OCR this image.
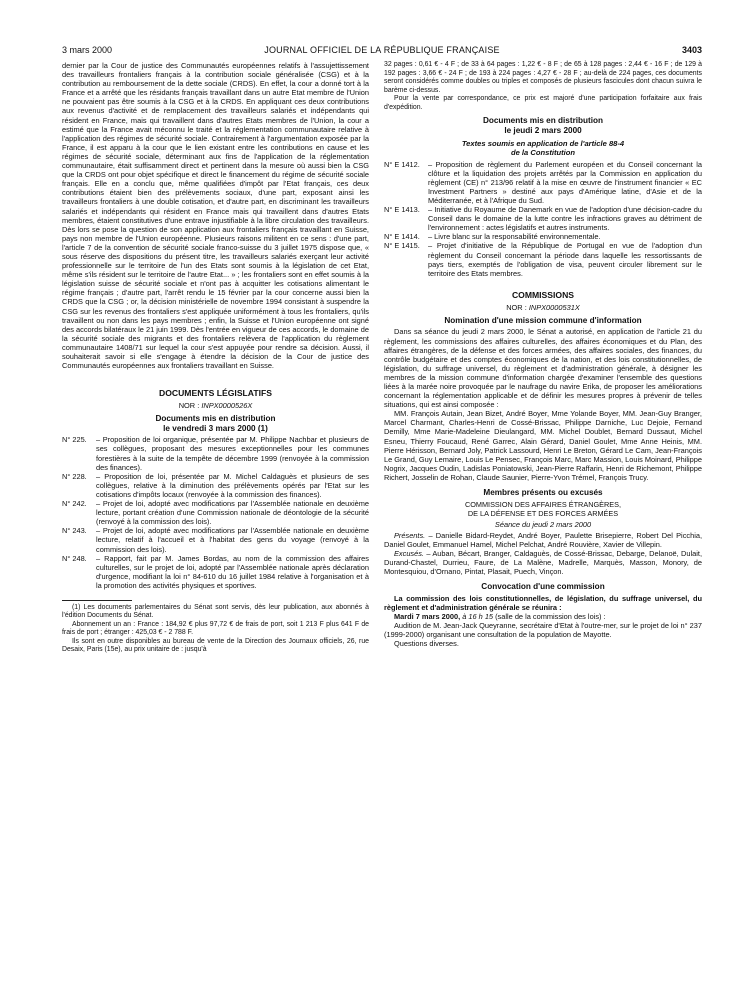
3 mars 2000	JOURNAL OFFICIEL DE LA RÉPUBLIQUE FRANÇAISE	3403

dernier par la Cour de justice des Communautés européennes relatifs à l'assujettissement des travailleurs frontaliers français à la contribution sociale généralisée (CSG) et à la contribution au remboursement de la dette sociale (CRDS). En effet, la cour a donné tort à la France et a arrêté que les résidants français travaillant dans un autre Etat membre de l'Union ne pouvaient pas être soumis à la CSG et à la CRDS. En appliquant ces deux contributions aux revenus d'activité et de remplacement des travailleurs salariés et indépendants qui résident en France, mais qui travaillent dans d'autres Etats membres de l'Union, la cour a estimé que la France avait méconnu le traité et la réglementation communautaire relative à l'application des régimes de sécurité sociale. Contrairement à l'argumentation exposée par la France, il est apparu à la cour que le lien existant entre les contributions en cause et les régimes de sécurité sociale, déterminant aux fins de l'application de la réglementation communautaire, était suffisamment direct et pertinent dans la mesure où aussi bien la CSG que la CRDS ont pour objet spécifique et direct le financement du régime de sécurité sociale français. Elle en a conclu que, même qualifiées d'impôt par l'Etat français, ces deux contributions étaient bien des prélèvements sociaux, d'une part, exposant ainsi les travailleurs frontaliers à une double cotisation, et d'autre part, en discriminant les travailleurs salariés et indépendants qui résident en France mais qui travaillent dans d'autres Etats membres, étaient constitutives d'une entrave injustifiable à la libre circulation des travailleurs. Dès lors se pose la question de son application aux frontaliers français travaillant en Suisse, pays non membre de l'Union européenne. Plusieurs raisons militent en ce sens : d'une part, l'article 7 de la convention de sécurité sociale franco-suisse du 3 juillet 1975 dispose que, « sous réserve des dispositions du présent titre, les travailleurs salariés exerçant leur activité professionnelle sur le territoire de l'un des Etats sont soumis à la législation de cet Etat, même s'ils résident sur le territoire de l'autre Etat... » ; les frontaliers sont en effet soumis à la législation suisse de sécurité sociale et n'ont pas à acquitter les cotisations alimentant le régime français ; d'autre part, l'arrêt rendu le 15 février par la cour concerne aussi bien la CRDS que la CSG ; or, la décision ministérielle de novembre 1994 consistant à suspendre la CSG sur les revenus des frontaliers s'est appliquée uniformément à tous les frontaliers, qu'ils travaillent ou non dans les pays membres ; enfin, la Suisse et l'Union européenne ont signé des accords bilatéraux le 21 juin 1999. Dès l'entrée en vigueur de ces accords, le domaine de la sécurité sociale des migrants et des frontaliers relèvera de l'application du règlement communautaire 1408/71 sur lequel la cour s'est appuyée pour rendre sa décision. Aussi, il souhaiterait savoir si elle s'engage à étendre la décision de la Cour de justice des Communautés européennes aux frontaliers travaillant en Suisse.

DOCUMENTS LÉGISLATIFS

NOR : INPX0000526X

Documents mis en distribution

le vendredi 3 mars 2000 (1)

N° 225.	– Proposition de loi organique, présentée par M. Philippe Nachbar et plusieurs de ses collègues, proposant des mesures exceptionnelles pour les communes forestières à la suite de la tempête de décembre 1999 (renvoyée à la commission des finances).
N° 228.	– Proposition de loi, présentée par M. Michel Caldaguès et plusieurs de ses collègues, relative à la diminution des prélèvements opérés par l'Etat sur les cotisations d'impôts locaux (renvoyée à la commission des finances).
N° 242.	– Projet de loi, adopté avec modifications par l'Assemblée nationale en deuxième lecture, portant création d'une Commission nationale de déontologie de la sécurité (renvoyé à la commission des lois).
N° 243.	– Projet de loi, adopté avec modifications par l'Assemblée nationale en deuxième lecture, relatif à l'accueil et à l'habitat des gens du voyage (renvoyé à la commission des lois).
N° 248.	– Rapport, fait par M. James Bordas, au nom de la commission des affaires culturelles, sur le projet de loi, adopté par l'Assemblée nationale après déclaration d'urgence, modifiant la loi n° 84-610 du 16 juillet 1984 relative à l'organisation et à la promotion des activités physiques et sportives.

(1) Les documents parlementaires du Sénat sont servis, dès leur publication, aux abonnés à l'édition Documents du Sénat.

Abonnement un an : France : 184,92 € plus 97,72 € de frais de port, soit 1 213 F plus 641 F de frais de port ; étranger : 425,03 € - 2 788 F.

Ils sont en outre disponibles au bureau de vente de la Direction des Journaux officiels, 26, rue Desaix, Paris (15e), au prix unitaire de : jusqu'à

32 pages : 0,61 € - 4 F ; de 33 à 64 pages : 1,22 € - 8 F ; de 65 à 128 pages : 2,44 € - 16 F ; de 129 à 192 pages : 3,66 € - 24 F ; de 193 à 224 pages : 4,27 € - 28 F ; au-delà de 224 pages, ces documents seront considérés comme doubles ou triples et composés de plusieurs fascicules dont chacun suivra le barème ci-dessus.

Pour la vente par correspondance, ce prix est majoré d'une participation forfaitaire aux frais d'expédition.

Documents mis en distribution

le jeudi 2 mars 2000

Textes soumis en application de l'article 88-4

de la Constitution

N° E 1412.	– Proposition de règlement du Parlement européen et du Conseil concernant la clôture et la liquidation des projets arrêtés par la Commission en application du règlement (CE) n° 213/96 relatif à la mise en œuvre de l'instrument financier « EC Investment Partners » destiné aux pays d'Amérique latine, d'Asie et de la Méditerranée, et à l'Afrique du Sud.
N° E 1413.	– Initiative du Royaume de Danemark en vue de l'adoption d'une décision-cadre du Conseil dans le domaine de la lutte contre les infractions graves au détriment de l'environnement : actes législatifs et autres instruments.
N° E 1414.	– Livre blanc sur la responsabilité environnementale.
N° E 1415.	– Projet d'initiative de la République de Portugal en vue de l'adoption d'un règlement du Conseil concernant la période dans laquelle les ressortissants de pays tiers, exemptés de l'obligation de visa, peuvent circuler librement sur le territoire des Etats membres.

COMMISSIONS

NOR : INPX0000531X

Nomination d'une mission commune d'information

Dans sa séance du jeudi 2 mars 2000, le Sénat a autorisé, en application de l'article 21 du règlement, les commissions des affaires culturelles, des affaires économiques et du Plan, des affaires étrangères, de la défense et des forces armées, des affaires sociales, des finances, du contrôle budgétaire et des comptes économiques de la nation, et des lois constitutionnelles, de législation, du suffrage universel, du règlement et d'administration générale, à désigner les membres de la mission commune d'information chargée d'examiner l'ensemble des questions liées à la marée noire provoquée par le naufrage du navire Erika, de proposer les améliorations concernant la réglementation applicable et de définir les mesures propres à prévenir de telles situations, qui est ainsi composée :

MM. François Autain, Jean Bizet, André Boyer, Mme Yolande Boyer, MM. Jean-Guy Branger, Marcel Charmant, Charles-Henri de Cossé-Brissac, Philippe Darniche, Luc Dejoie, Fernand Demilly, Mme Marie-Madeleine Dieulangard, MM. Michel Doublet, Bernard Dussaut, Michel Esneu, Thierry Foucaud, René Garrec, Alain Gérard, Daniel Goulet, Mme Anne Heinis, MM. Pierre Hérisson, Bernard Joly, Patrick Lassourd, Henri Le Breton, Gérard Le Cam, Jean-François Le Grand, Guy Lemaire, Louis Le Pensec, François Marc, Marc Massion, Louis Moinard, Philippe Nogrix, Jacques Oudin, Ladislas Poniatowski, Jean-Pierre Raffarin, Henri de Richemont, Philippe Richert, Josselin de Rohan, Claude Saunier, Pierre-Yvon Trémel, François Trucy.

Membres présents ou excusés

COMMISSION DES AFFAIRES ÉTRANGÈRES,

DE LA DÉFENSE ET DES FORCES ARMÉES

Séance du jeudi 2 mars 2000

Présents. – Danielle Bidard-Reydet, André Boyer, Paulette Brisepierre, Robert Del Picchia, Daniel Goulet, Emmanuel Hamel, Michel Pelchat, André Rouvière, Xavier de Villepin.

Excusés. – Auban, Bécart, Branger, Caldaguès, de Cossé-Brissac, Debarge, Delanoë, Dulait, Durand-Chastel, Durrieu, Faure, de La Malène, Madrelle, Marquès, Masson, Monory, de Montesquiou, d'Ornano, Pintat, Plasait, Puech, Vinçon.

Convocation d'une commission

La commission des lois constitutionnelles, de législation, du suffrage universel, du règlement et d'administration générale se réunira :

Mardi 7 mars 2000, à 16 h 15 (salle de la commission des lois) :

Audition de M. Jean-Jack Queyranne, secrétaire d'Etat à l'outre-mer, sur le projet de loi n° 237 (1999-2000) organisant une consultation de la population de Mayotte.

Questions diverses.
